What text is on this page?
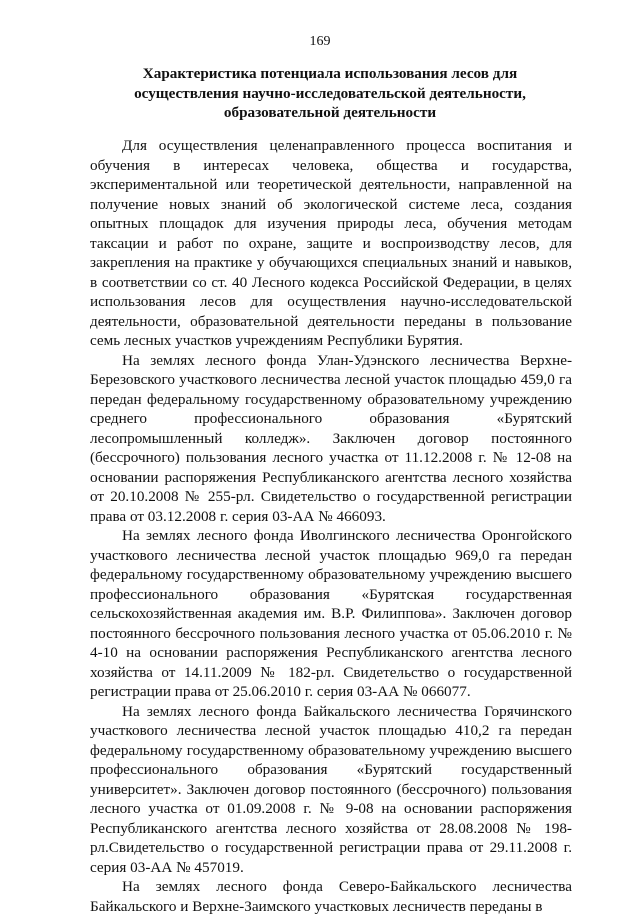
169
Характеристика потенциала использования лесов для осуществления научно-исследовательской деятельности, образовательной деятельности

Для осуществления целенаправленного процесса воспитания и обучения в интересах человека, общества и государства, экспериментальной или теоретической деятельности, направленной на получение новых знаний об экологической системе леса, создания опытных площадок для изучения природы леса, обучения методам таксации и работ по охране, защите и воспроизводству лесов, для закрепления на практике у обучающихся специальных знаний и навыков, в соответствии со ст. 40 Лесного кодекса Российской Федерации, в целях использования лесов для осуществления научно-исследовательской деятельности, образовательной деятельности переданы в пользование семь лесных участков учреждениям Республики Бурятия.

На землях лесного фонда Улан-Удэнского лесничества Верхне-Березовского участкового лесничества лесной участок площадью 459,0 га передан федеральному государственному образовательному учреждению среднего профессионального образования «Бурятский лесопромышленный колледж». Заключен договор постоянного (бессрочного) пользования лесного участка от 11.12.2008 г. № 12-08 на основании распоряжения Республиканского агентства лесного хозяйства от 20.10.2008 № 255-рл. Свидетельство о государственной регистрации права от 03.12.2008 г. серия 03-АА № 466093.

На землях лесного фонда Иволгинского лесничества Оронгойского участкового лесничества лесной участок площадью 969,0 га передан федеральному государственному образовательному учреждению высшего профессионального образования «Бурятская государственная сельскохозяйственная академия им. В.Р. Филиппова». Заключен договор постоянного бессрочного пользования лесного участка от 05.06.2010 г. № 4-10 на основании распоряжения Республиканского агентства лесного хозяйства от 14.11.2009 № 182-рл. Свидетельство о государственной регистрации права от 25.06.2010 г. серия 03-АА № 066077.

На землях лесного фонда Байкальского лесничества Горячинского участкового лесничества лесной участок площадью 410,2 га передан федеральному государственному образовательному учреждению высшего профессионального образования «Бурятский государственный университет». Заключен договор постоянного (бессрочного) пользования лесного участка от 01.09.2008 г. № 9-08 на основании распоряжения Республиканского агентства лесного хозяйства от 28.08.2008 № 198-рл.Свидетельство о государственной регистрации права от 29.11.2008 г. серия 03-АА № 457019.

На землях лесного фонда Северо-Байкальского лесничества Байкальского и Верхне-Заимского участковых лесничеств переданы в
